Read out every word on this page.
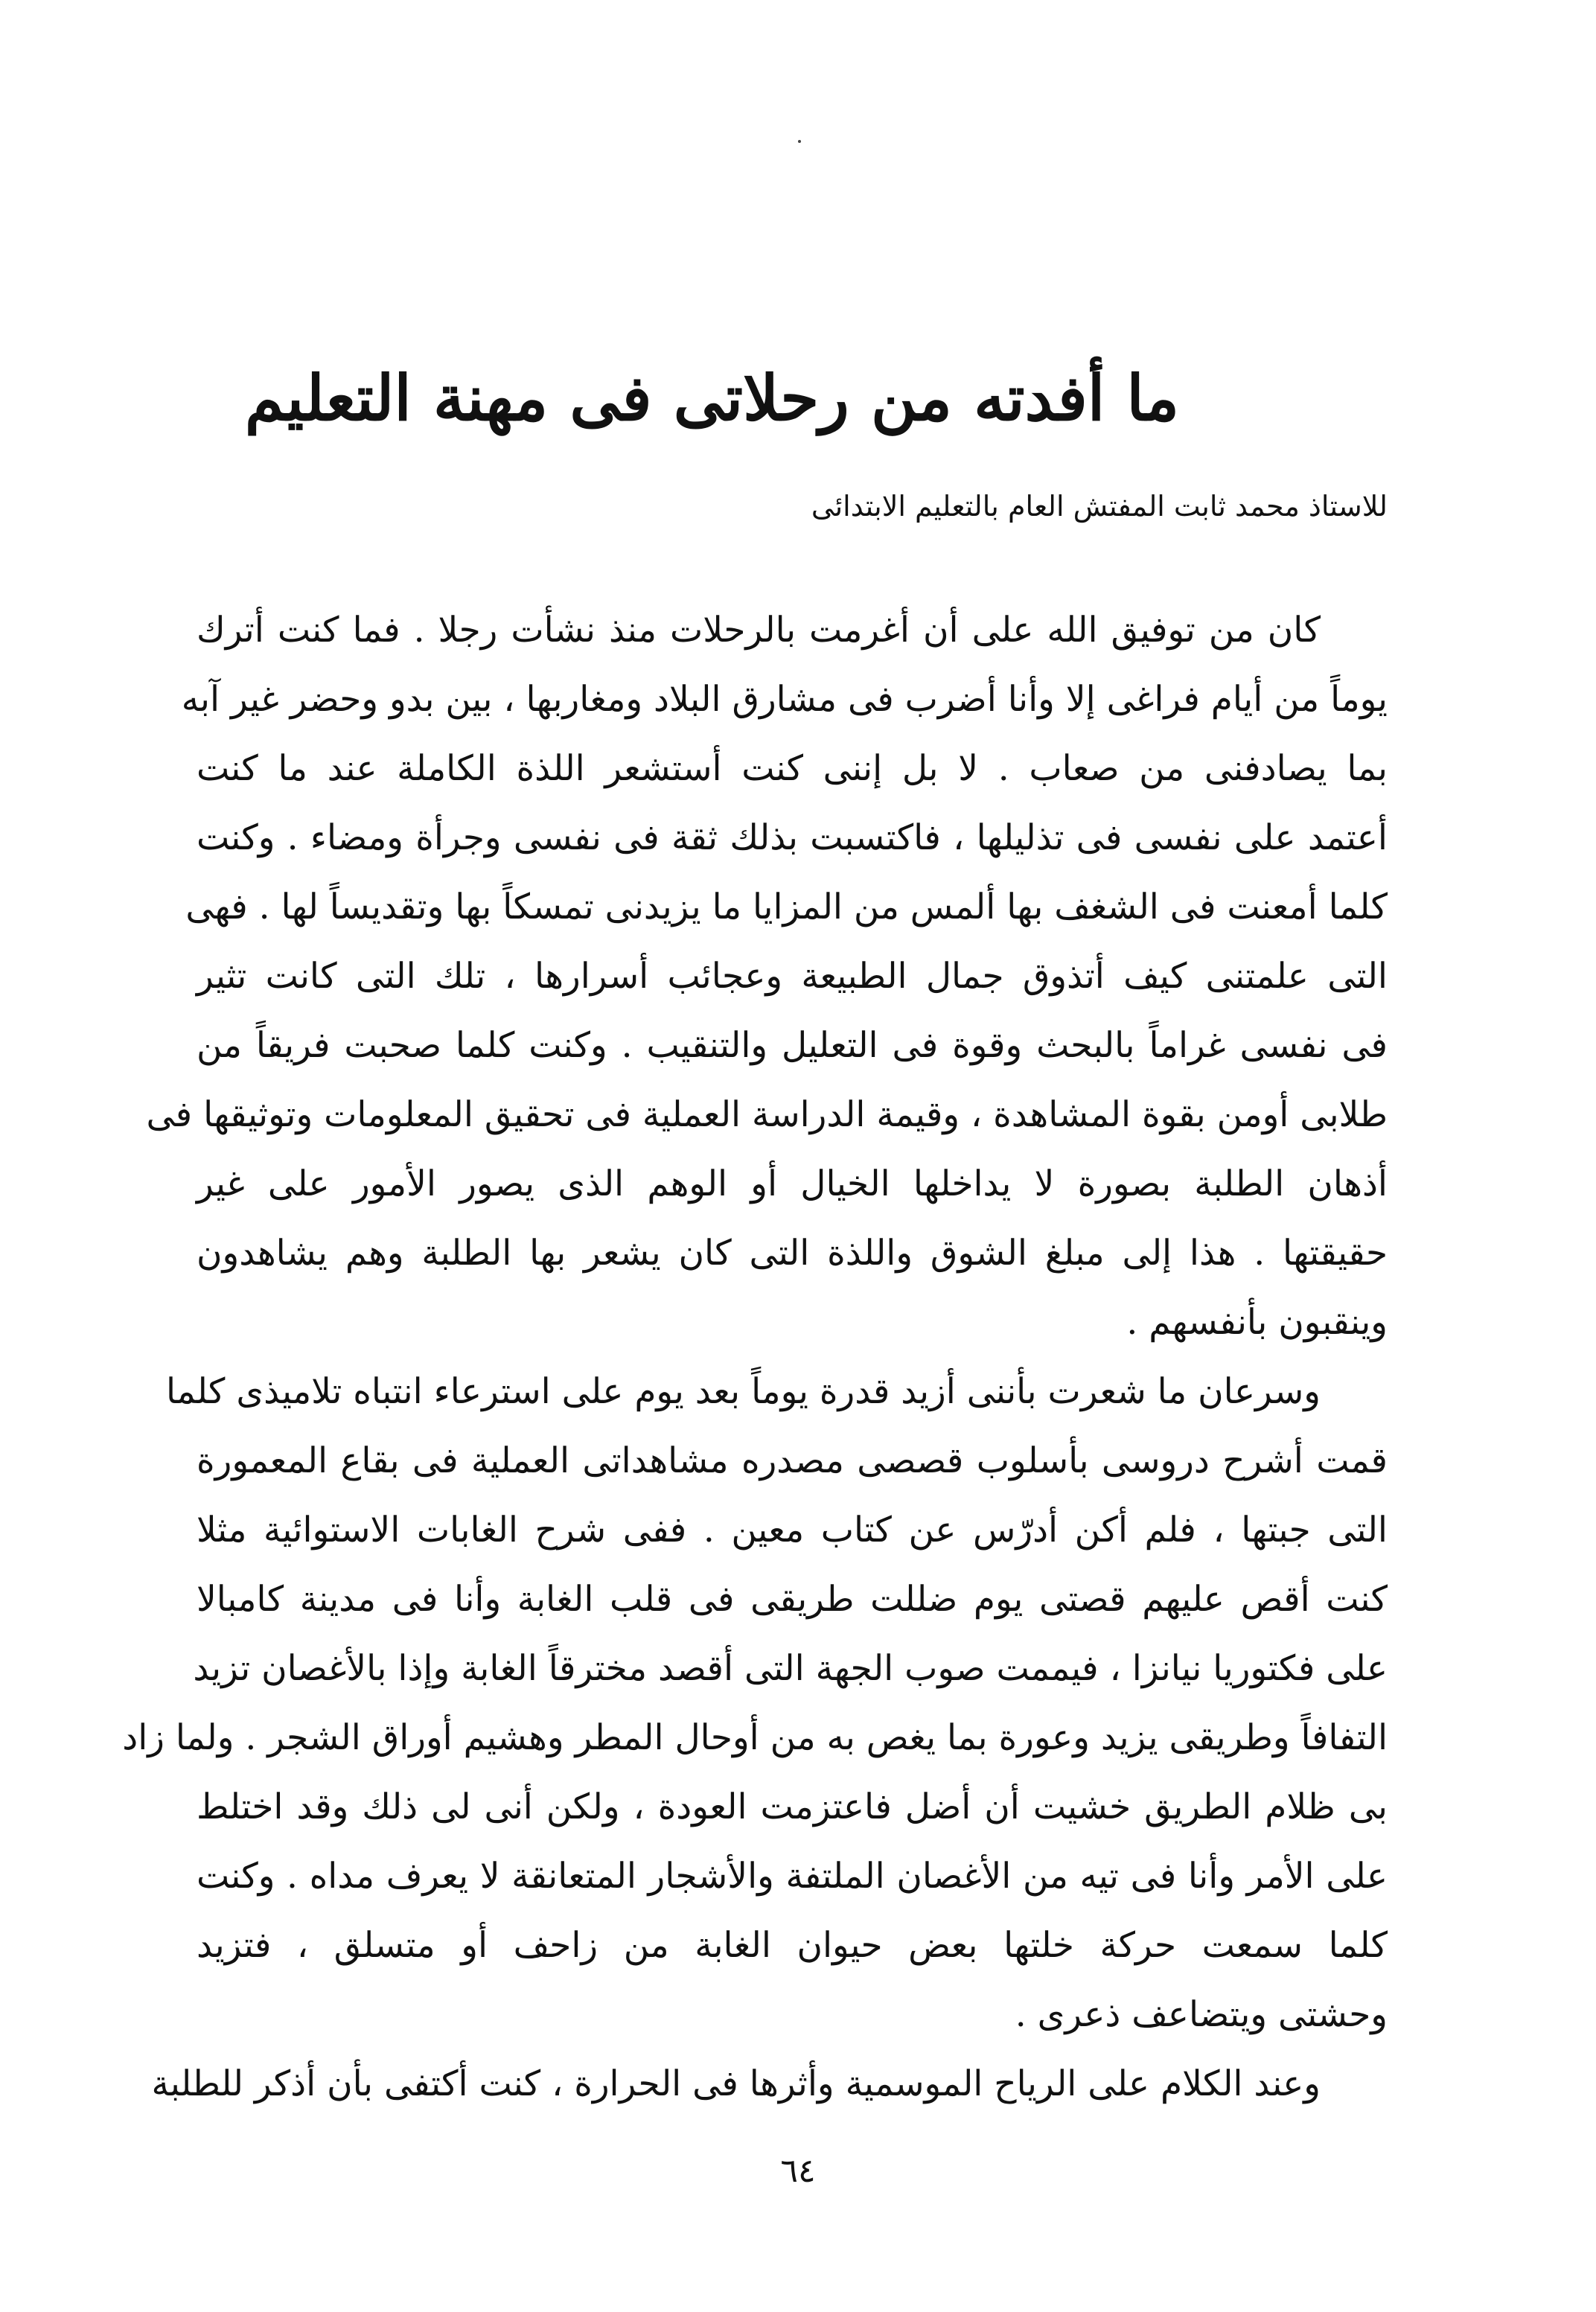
ما أفدته من رحلاتى فى مهنة التعليم
للاستاذ محمد ثابت المفتش العام بالتعليم الابتدائى
كان من توفيق الله على أن أغرمت بالرحلات منذ نشأت رجلا . فما كنت أترك
يوماً من أيام فراغى إلا وأنا أضرب فى مشارق البلاد ومغاربها ، بين بدو وحضر غير آبه
بما يصادفنى من صعاب . لا بل إننى كنت أستشعر اللذة الكاملة عند ما كنت
أعتمد على نفسى فى تذليلها ، فاكتسبت بذلك ثقة فى نفسى وجرأة ومضاء . وكنت
كلما أمعنت فى الشغف بها ألمس من المزايا ما يزيدنى تمسكاً بها وتقديساً لها . فهى
التى علمتنى كيف أتذوق جمال الطبيعة وعجائب أسرارها ، تلك التى كانت تثير
فى نفسى غراماً بالبحث وقوة فى التعليل والتنقيب . وكنت كلما صحبت فريقاً من
طلابى أومن بقوة المشاهدة ، وقيمة الدراسة العملية فى تحقيق المعلومات وتوثيقها فى
أذهان الطلبة بصورة لا يداخلها الخيال أو الوهم الذى يصور الأمور على غير
حقيقتها . هذا إلى مبلغ الشوق واللذة التى كان يشعر بها الطلبة وهم يشاهدون
وينقبون بأنفسهم .
وسرعان ما شعرت بأننى أزيد قدرة يوماً بعد يوم على استرعاء انتباه تلاميذى كلما
قمت أشرح دروسى بأسلوب قصصى مصدره مشاهداتى العملية فى بقاع المعمورة
التى جبتها ، فلم أكن أدرّس عن كتاب معين . ففى شرح الغابات الاستوائية مثلا
كنت أقص عليهم قصتى يوم ضللت طريقى فى قلب الغابة وأنا فى مدينة كامبالا
على فكتوريا نيانزا ، فيممت صوب الجهة التى أقصد مخترقاً الغابة وإذا بالأغصان تزيد
التفافاً وطريقى يزيد وعورة بما يغص به من أوحال المطر وهشيم أوراق الشجر . ولما زاد
بى ظلام الطريق خشيت أن أضل فاعتزمت العودة ، ولكن أنى لى ذلك وقد اختلط
على الأمر وأنا فى تيه من الأغصان الملتفة والأشجار المتعانقة لا يعرف مداه . وكنت
كلما سمعت حركة خلتها بعض حيوان الغابة من زاحف أو متسلق ، فتزيد
وحشتى ويتضاعف ذعرى .
وعند الكلام على الرياح الموسمية وأثرها فى الحرارة ، كنت أكتفى بأن أذكر للطلبة
٦٤
